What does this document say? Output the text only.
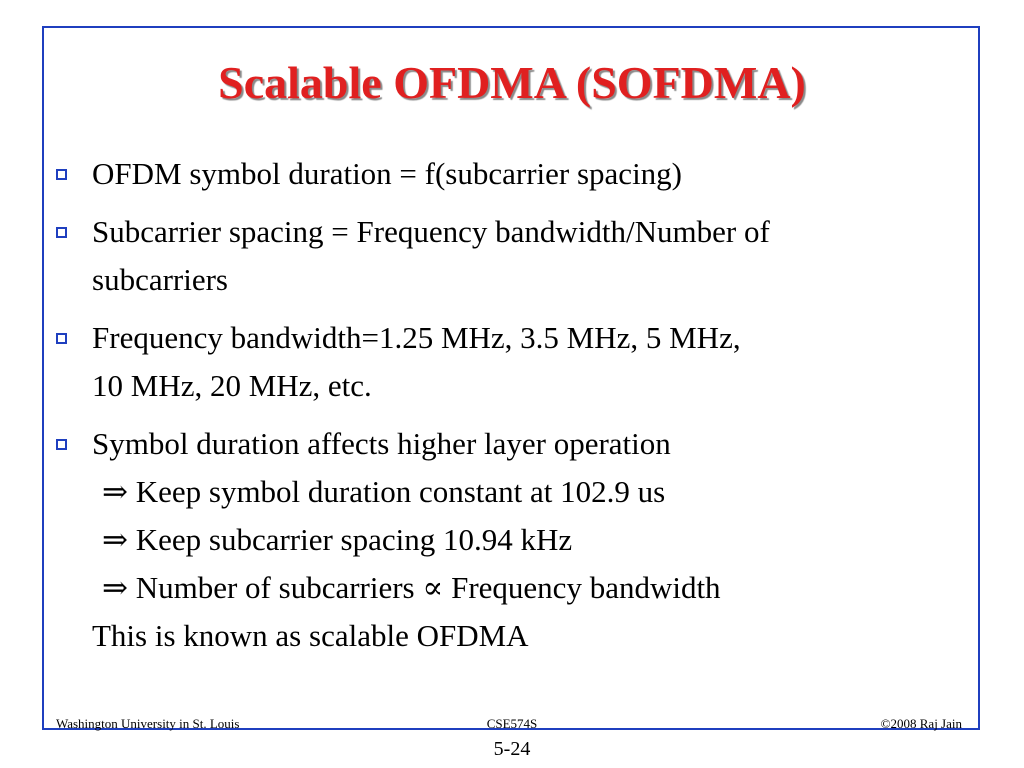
Scalable OFDMA (SOFDMA)
OFDM symbol duration = f(subcarrier spacing)
Subcarrier spacing = Frequency bandwidth/Number of
subcarriers
Frequency bandwidth=1.25 MHz, 3.5 MHz, 5 MHz,
10 MHz, 20 MHz, etc.
Symbol duration affects higher layer operation
⇒ Keep symbol duration constant at 102.9 us
⇒ Keep subcarrier spacing 10.94 kHz
⇒ Number of subcarriers ∝ Frequency bandwidth
This is known as scalable OFDMA
Washington University in St. Louis	CSE574S	©2008 Raj Jain
5-24
